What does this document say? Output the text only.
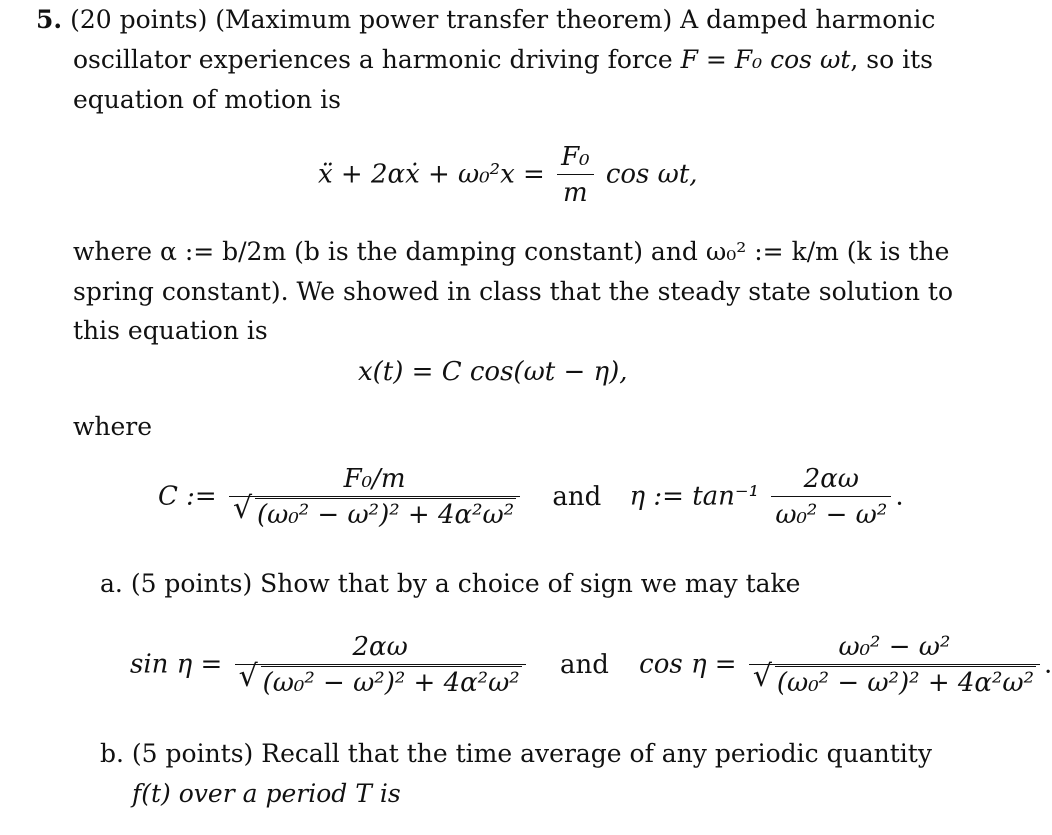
5. (20 points) (Maximum power transfer theorem) A damped harmonic
oscillator experiences a harmonic driving force F = F₀ cos ωt, so its
equation of motion is
ẍ + 2αẋ + $\omega_0^2x = \frac{\text{F₀}}{m}$ cos ωt,
where α := b/2m (b is the damping constant) and ω₀² := k/m (k is the
spring constant). We showed in class that the steady state solution to
this equation is
x(t) = C cos(ωt − η),
where
C := $\frac{\text{F₀/m}}{\text{√ (ω₀² − ω²)² + 4α²ω²}}$ and η := $\tan^{-1} \frac{2\alpha\omega}{\text{ω₀² − ω²}}$ .
a. (5 points) Show that by a choice of sign we may take
$\sin \eta = \frac{2\alpha\omega}{\text{√ (ω₀² − ω²)² + 4α²ω²}}$ and $\cos \eta = \frac{\text{ω₀² − ω²}}{\text{√ (ω₀² − ω²)² + 4α²ω²}}$ .
b. (5 points) Recall that the time average of any periodic quantity
f(t) over a period T is
